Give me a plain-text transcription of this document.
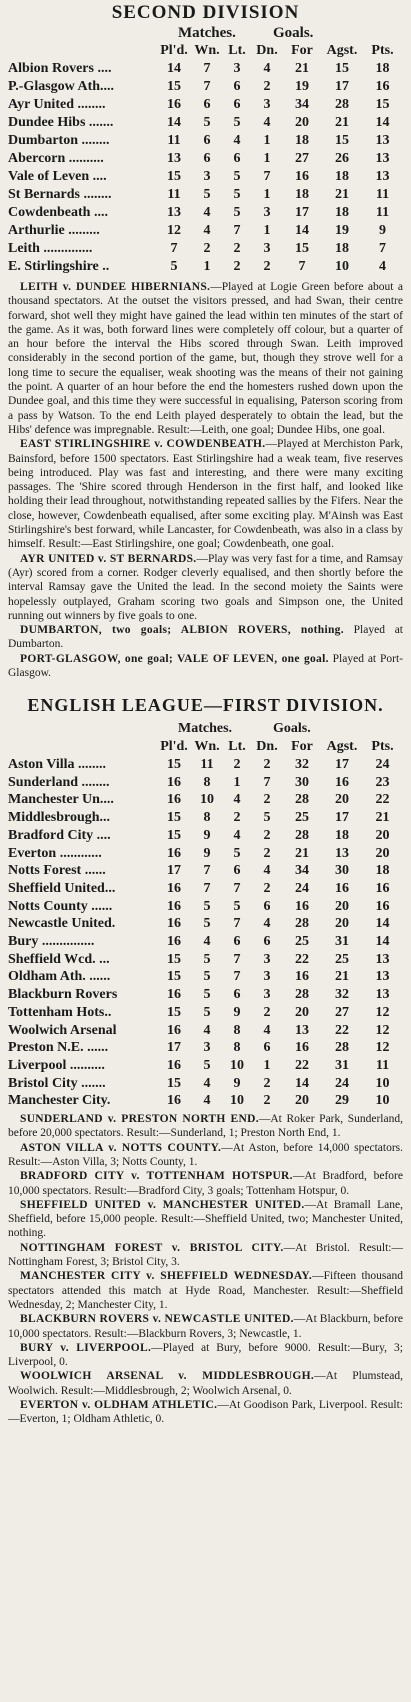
SECOND DIVISION
Matches.	Goals.
	Pl'd.	Wn.	Lt.	Dn.	For	Agst.	Pts.
Albion Rovers ....	14	7	3	4	21	15	18
P.-Glasgow Ath....	15	7	6	2	19	17	16
Ayr United ........	16	6	6	3	34	28	15
Dundee Hibs .......	14	5	5	4	20	21	14
Dumbarton ........	11	6	4	1	18	15	13
Abercorn ..........	13	6	6	1	27	26	13
Vale of Leven ....	15	3	5	7	16	18	13
St Bernards ........	11	5	5	1	18	21	11
Cowdenbeath ....	13	4	5	3	17	18	11
Arthurlie .........	12	4	7	1	14	19	9
Leith ..............	7	2	2	3	15	18	7
E. Stirlingshire ..	5	1	2	2	7	10	4

LEITH v. DUNDEE HIBERNIANS.—Played at Logie Green before about a thousand spectators. At the outset the visitors pressed, and had Swan, their centre forward, shot well they might have gained the lead within ten minutes of the start of the game. As it was, both forward lines were completely off colour, but a quarter of an hour before the interval the Hibs scored through Swan. Leith improved considerably in the second portion of the game, but, though they strove well for a long time to secure the equaliser, weak shooting was the means of their not gaining the point. A quarter of an hour before the end the homesters rushed down upon the Dundee goal, and this time they were successful in equalising, Paterson scoring from a pass by Watson. To the end Leith played desperately to obtain the lead, but the Hibs' defence was impregnable. Result:—Leith, one goal; Dundee Hibs, one goal.

EAST STIRLINGSHIRE v. COWDENBEATH.—Played at Merchiston Park, Bainsford, before 1500 spectators. East Stirlingshire had a weak team, five reserves being introduced. Play was fast and interesting, and there were many exciting passages. The 'Shire scored through Henderson in the first half, and looked like holding their lead throughout, notwithstanding repeated sallies by the Fifers. Near the close, however, Cowdenbeath equalised, after some exciting play. M'Ainsh was East Stirlingshire's best forward, while Lancaster, for Cowdenbeath, was also in a class by himself. Result:—East Stirlingshire, one goal; Cowdenbeath, one goal.

AYR UNITED v. ST BERNARDS.—Play was very fast for a time, and Ramsay (Ayr) scored from a corner. Rodger cleverly equalised, and then shortly before the interval Ramsay gave the United the lead. In the second moiety the Saints were hopelessly outplayed, Graham scoring two goals and Simpson one, the United running out winners by five goals to one.

DUMBARTON, two goals; ALBION ROVERS, nothing. Played at Dumbarton.

PORT-GLASGOW, one goal; VALE OF LEVEN, one goal. Played at Port-Glasgow.

ENGLISH LEAGUE—FIRST DIVISION.
Matches.	Goals.
	Pl'd.	Wn.	Lt.	Dn.	For	Agst.	Pts.
Aston Villa ........	15	11	2	2	32	17	24
Sunderland ........	16	8	1	7	30	16	23
Manchester Un....	16	10	4	2	28	20	22
Middlesbrough...	15	8	2	5	25	17	21
Bradford City ....	15	9	4	2	28	18	20
Everton ............	16	9	5	2	21	13	20
Notts Forest ......	17	7	6	4	34	30	18
Sheffield United...	16	7	7	2	24	16	16
Notts County ......	16	5	5	6	16	20	16
Newcastle United.	16	5	7	4	28	20	14
Bury ...............	16	4	6	6	25	31	14
Sheffield Wcd. ...	15	5	7	3	22	25	13
Oldham Ath. ......	15	5	7	3	16	21	13
Blackburn Rovers	16	5	6	3	28	32	13
Tottenham Hots..	15	5	9	2	20	27	12
Woolwich Arsenal	16	4	8	4	13	22	12
Preston N.E. ......	17	3	8	6	16	28	12
Liverpool ..........	16	5	10	1	22	31	11
Bristol City .......	15	4	9	2	14	24	10
Manchester City.	16	4	10	2	20	29	10

SUNDERLAND v. PRESTON NORTH END.—At Roker Park, Sunderland, before 20,000 spectators. Result:—Sunderland, 1; Preston North End, 1.

ASTON VILLA v. NOTTS COUNTY.—At Aston, before 14,000 spectators. Result:—Aston Villa, 3; Notts County, 1.

BRADFORD CITY v. TOTTENHAM HOTSPUR.—At Bradford, before 10,000 spectators. Result:—Bradford City, 3 goals; Tottenham Hotspur, 0.

SHEFFIELD UNITED v. MANCHESTER UNITED.—At Bramall Lane, Sheffield, before 15,000 people. Result:—Sheffield United, two; Manchester United, nothing.

NOTTINGHAM FOREST v. BRISTOL CITY.—At Bristol. Result:—Nottingham Forest, 3; Bristol City, 3.

MANCHESTER CITY v. SHEFFIELD WEDNESDAY.—Fifteen thousand spectators attended this match at Hyde Road, Manchester. Result:—Sheffield Wednesday, 2; Manchester City, 1.

BLACKBURN ROVERS v. NEWCASTLE UNITED.—At Blackburn, before 10,000 spectators. Result:—Blackburn Rovers, 3; Newcastle, 1.

BURY v. LIVERPOOL.—Played at Bury, before 9000. Result:—Bury, 3; Liverpool, 0.

WOOLWICH ARSENAL v. MIDDLESBROUGH.—At Plumstead, Woolwich. Result:—Middlesbrough, 2; Woolwich Arsenal, 0.

EVERTON v. OLDHAM ATHLETIC.—At Goodison Park, Liverpool. Result:—Everton, 1; Oldham Athletic, 0.
